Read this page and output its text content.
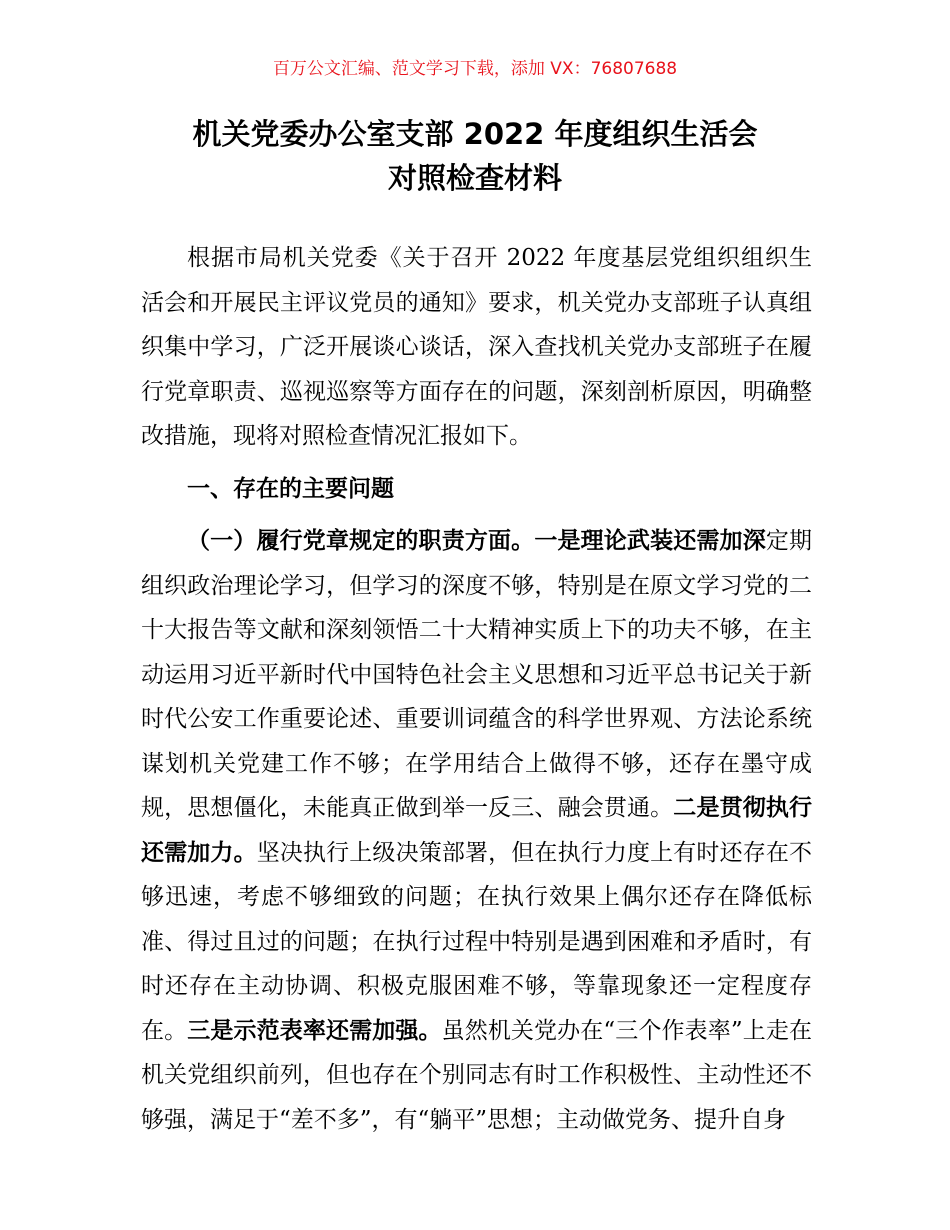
百万公文汇编、范文学习下载，添加 VX：76807688
机关党委办公室支部 2022 年度组织生活会
对照检查材料

根据市局机关党委《关于召开 2022 年度基层党组织组织生活会和开展民主评议党员的通知》要求，机关党办支部班子认真组织集中学习，广泛开展谈心谈话，深入查找机关党办支部班子在履行党章职责、巡视巡察等方面存在的问题，深刻剖析原因，明确整改措施，现将对照检查情况汇报如下。

一、存在的主要问题

（一）履行党章规定的职责方面。一是理论武装还需加深定期组织政治理论学习，但学习的深度不够，特别是在原文学习党的二十大报告等文献和深刻领悟二十大精神实质上下的功夫不够，在主动运用习近平新时代中国特色社会主义思想和习近平总书记关于新时代公安工作重要论述、重要训词蕴含的科学世界观、方法论系统谋划机关党建工作不够；在学用结合上做得不够，还存在墨守成规，思想僵化，未能真正做到举一反三、融会贯通。二是贯彻执行还需加力。坚决执行上级决策部署，但在执行力度上有时还存在不够迅速，考虑不够细致的问题；在执行效果上偶尔还存在降低标准、得过且过的问题；在执行过程中特别是遇到困难和矛盾时，有时还存在主动协调、积极克服困难不够，等靠现象还一定程度存在。三是示范表率还需加强。虽然机关党办在“三个作表率”上走在机关党组织前列，但也存在个别同志有时工作积极性、主动性还不够强，满足于“差不多”，有“躺平”思想；主动做党务、提升自身
